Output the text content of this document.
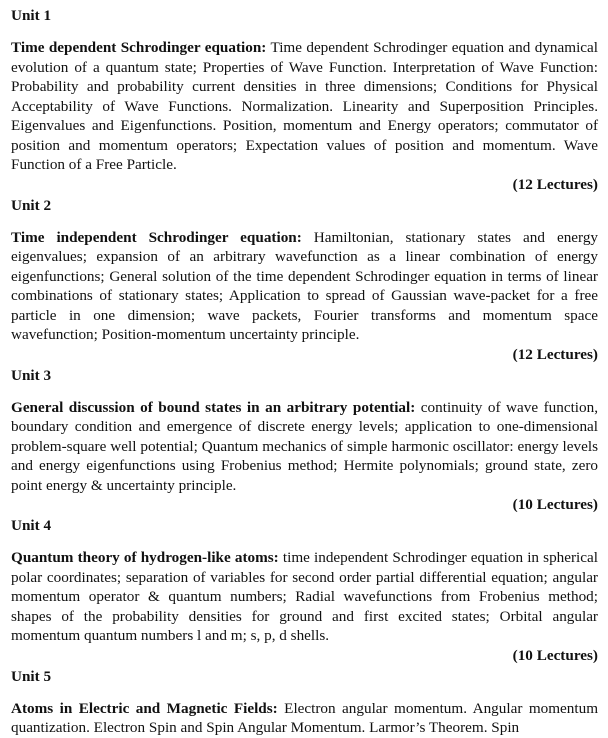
Unit 1

Time dependent Schrodinger equation: Time dependent Schrodinger equation and dynamical evolution of a quantum state; Properties of Wave Function. Interpretation of Wave Function: Probability and probability current densities in three dimensions; Conditions for Physical Acceptability of Wave Functions. Normalization. Linearity and Superposition Principles. Eigenvalues and Eigenfunctions. Position, momentum and Energy operators; commutator of position and momentum operators; Expectation values of position and momentum. Wave Function of a Free Particle.

(12 Lectures)
Unit 2

Time independent Schrodinger equation: Hamiltonian, stationary states and energy eigenvalues; expansion of an arbitrary wavefunction as a linear combination of energy eigenfunctions; General solution of the time dependent Schrodinger equation in terms of linear combinations of stationary states; Application to spread of Gaussian wave-packet for a free particle in one dimension; wave packets, Fourier transforms and momentum space wavefunction; Position-momentum uncertainty principle.

(12 Lectures)
Unit 3

General discussion of bound states in an arbitrary potential: continuity of wave function, boundary condition and emergence of discrete energy levels; application to one-dimensional problem-square well potential; Quantum mechanics of simple harmonic oscillator: energy levels and energy eigenfunctions using Frobenius method; Hermite polynomials; ground state, zero point energy & uncertainty principle.

(10 Lectures)
Unit 4

Quantum theory of hydrogen-like atoms: time independent Schrodinger equation in spherical polar coordinates; separation of variables for second order partial differential equation; angular momentum operator & quantum numbers; Radial wavefunctions from Frobenius method; shapes of the probability densities for ground and first excited states; Orbital angular momentum quantum numbers l and m; s, p, d shells.

(10 Lectures)
Unit 5

Atoms in Electric and Magnetic Fields: Electron angular momentum. Angular momentum quantization. Electron Spin and Spin Angular Momentum. Larmor’s Theorem. Spin
